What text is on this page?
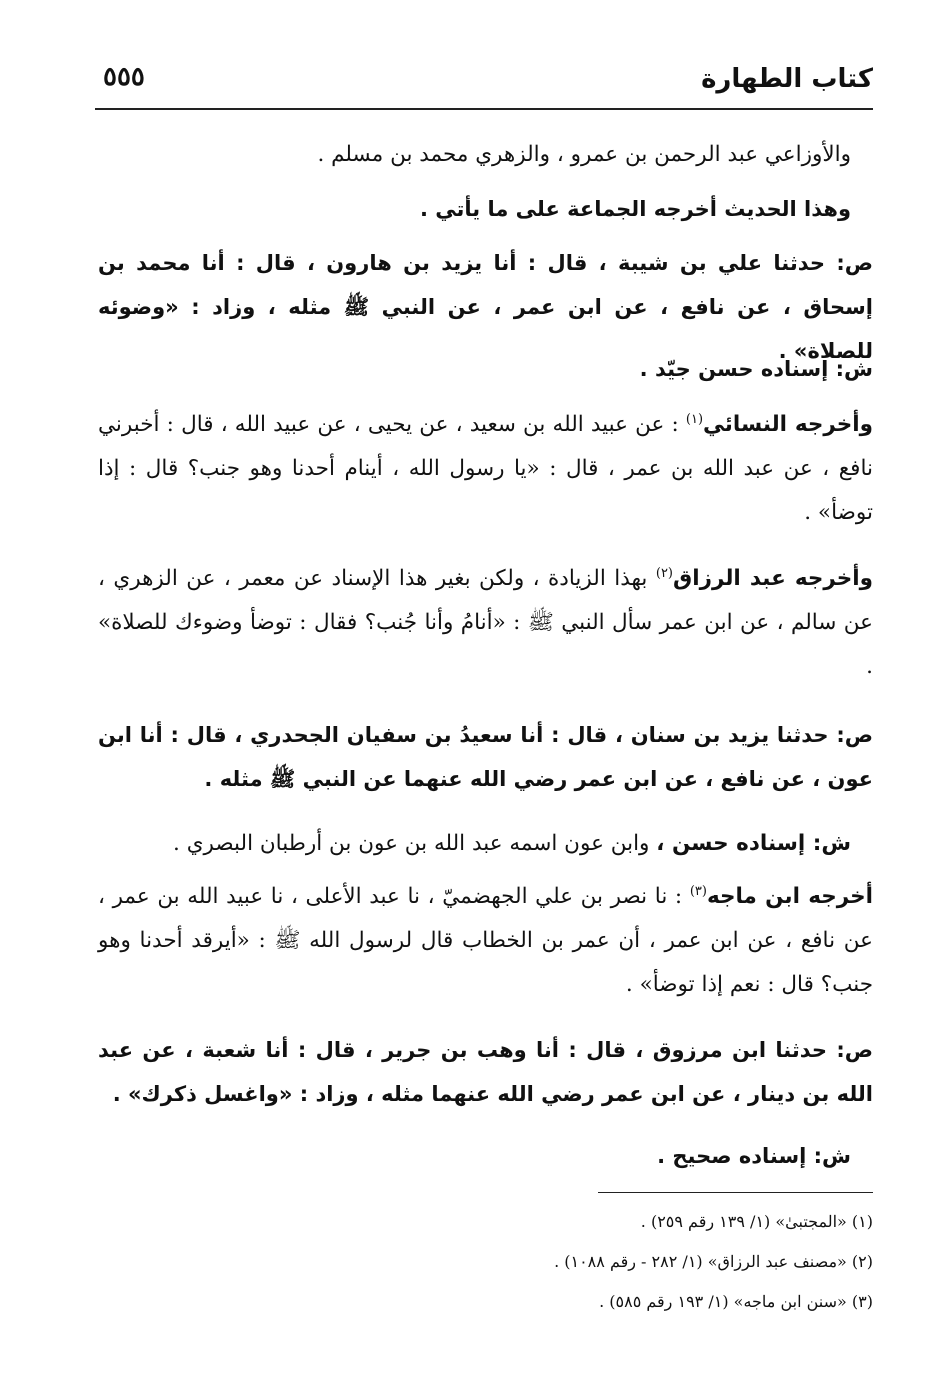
كتاب الطهارة
٥٥٥

والأوزاعي عبد الرحمن بن عمرو ، والزهري محمد بن مسلم .

وهذا الحديث أخرجه الجماعة على ما يأتي .

ص: حدثنا علي بن شيبة ، قال : أنا يزيد بن هارون ، قال : أنا محمد بن إسحاق ، عن نافع ، عن ابن عمر ، عن النبي ﷺ مثله ، وزاد : «وضوئه للصلاة» .

ش: إسناده حسن جيّد .

وأخرجه النسائي$^{(١)}$ : عن عبيد الله بن سعيد ، عن يحيى ، عن عبيد الله ، قال : أخبرني نافع ، عن عبد الله بن عمر ، قال : «يا رسول الله ، أينام أحدنا وهو جنب؟ قال : إذا توضأ» .

وأخرجه عبد الرزاق$^{(٢)}$ بهذا الزيادة ، ولكن بغير هذا الإسناد عن معمر ، عن الزهري ، عن سالم ، عن ابن عمر سأل النبي ﷺ : «أنامُ وأنا جُنب؟ فقال : توضأ وضوءك للصلاة» .

ص: حدثنا يزيد بن سنان ، قال : أنا سعيدُ بن سفيان الجحدري ، قال : أنا ابن عون ، عن نافع ، عن ابن عمر رضي الله عنهما عن النبي ﷺ مثله .

ش: إسناده حسن ، وابن عون اسمه عبد الله بن عون بن أرطبان البصري .

أخرجه ابن ماجه$^{(٣)}$ : نا نصر بن علي الجهضميّ ، نا عبد الأعلى ، نا عبيد الله بن عمر ، عن نافع ، عن ابن عمر ، أن عمر بن الخطاب قال لرسول الله ﷺ : «أيرقد أحدنا وهو جنب؟ قال : نعم إذا توضأ» .

ص: حدثنا ابن مرزوق ، قال : أنا وهب بن جرير ، قال : أنا شعبة ، عن عبد الله بن دينار ، عن ابن عمر رضي الله عنهما مثله ، وزاد : «واغسل ذكرك» .

ش: إسناده صحيح .

(١) «المجتبىٰ» (١/ ١٣٩ رقم ٢٥٩) .

(٢) «مصنف عبد الرزاق» (١/ ٢٨٢ - رقم ١٠٨٨) .

(٣) «سنن ابن ماجه» (١/ ١٩٣ رقم ٥٨٥) .
